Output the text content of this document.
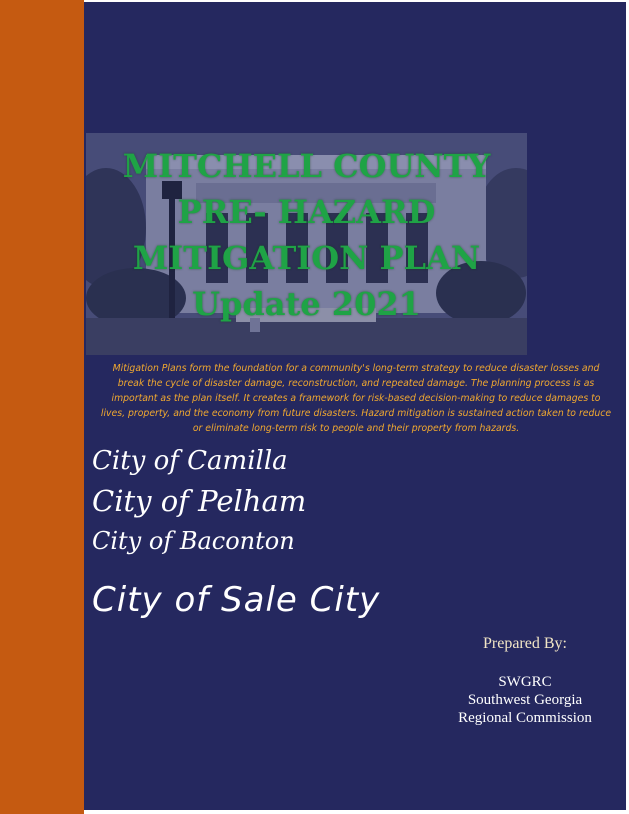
MITCHELL COUNTY
PRE- HAZARD
MITIGATION PLAN
Update 2021
Mitigation Plans form the foundation for a community's long-term strategy to reduce disaster losses and break the cycle of disaster damage, reconstruction, and repeated damage. The planning process is as important as the plan itself. It creates a framework for risk-based decision-making to reduce damages to lives, property, and the economy from future disasters. Hazard mitigation is sustained action taken to reduce or eliminate long-term risk to people and their property from hazards.
City of Camilla
City of Pelham
City of Baconton
City of Sale City
Prepared By:
SWGRC
Southwest Georgia
Regional Commission
